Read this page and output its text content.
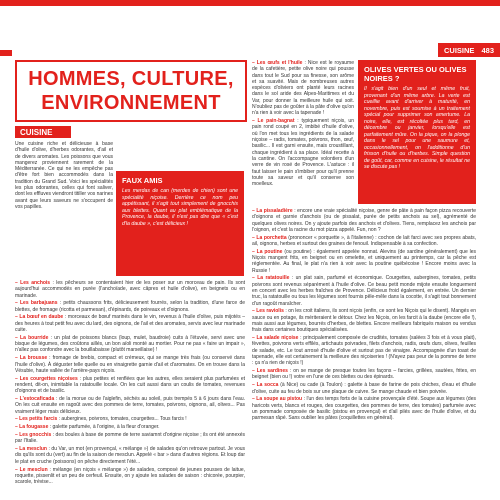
CUISINE 483
HOMMES, CULTURE,
ENVIRONNEMENT
CUISINE

Une cuisine riche et délicieuse à base d'huile d'olive, d'herbes odorantes, d'ail et de divers aromates. Les poissons que vous mangerez proviennent rarement de la Méditerranée. Ce qui ne les empêche pas d'être fort bien accommodés dans la tradition du Grand Sud. Voici les spécialités les plus odorantes, celles qui font saliver, dont les effluves viendront titiller vos narines avant que leurs saveurs ne s'occupent de vos papilles.

FAUX AMIS
Les merdas de can (merdes de chien) sont une spécialité niçoise. Derrière ce nom peu appétissant, il s'agit tout simplement de gnocchis aux blettes. Quant au plat emblématique de la Provence, la daube, il n'est pas dire que « c'est d'la daube », c'est délicieux !

– Les anchois : les pêcheurs se contentaient hier de les poser sur un morceau de pain. Ils sont aujourd'hui accommodés en purée (l'anchoïade, avec câpres et huile d'olive), en beignets ou en marinade.

– Les barbajuans : petits chaussons frits, délicieusement fourrés, selon la tradition, d'une farce de blettes, de fromage (ricotta et parmesan), d'épinards, de poireaux et d'oignons.

– La bœuf en daube : morceaux de bœuf marinés dans le vin, revenus à l'huile d'olive, puis mijotés – des heures à tout petit feu avec du lard, des oignons, de l'ail et des aromates, servis avec leur marinade cuite.

– La bourride : un plat de poissons blancs (loup, mulet, baudroie) cuits à l'étuvée, servi avec une bisque de légumes, des croûtons aillés, un bon aïoli monté au mortier. Pour ne pas « faire un impair », n'allez pas confondre avec la bouillabaisse (plutôt marseillaise) !

– La brousse : fromage de brebis, compact et crémeux, qui se mange très frais (ou conservé dans l'huile d'olive). À déguster telle quelle ou en vinaigrette garnie d'ail et d'aromates. On en trouve dans la Vésubie, haute vallée de l'arrière-pays niçois.

– Les courgettes niçoises : plus petites et renflées que les autres, elles seraient plus parfumées et rendent, dit-on, inimitable la ratatouille locale. On les cuit aussi dans un coulis de tomates, revenues d'oignons et de basilic.

– L'estocaficada : de la morue ou de l'aiglefin, séchés au soleil, puis trempés 5 à 6 jours dans l'eau. On les cuit ensuite en ragoût avec des pommes de terre, tomates, poivrons, oignons, ail, olives... Pas vraiment léger mais délicieux.

– Les petits farcis : aubergines, poivrons, tomates, courgettes... Tous farcis !

– La fougasse : galette parfumée, à l'origine, à la fleur d'oranger.

– Les gnocchis : des boules à base de pomme de terre saviamnt d'origine niçoise ; ils ont été annexés par l'Italie.

– La mesclun : du Var, un mot (en provençal, « mélange ») de salades qu'on retrouve partout. Je vous dis qu'ils sont du (vert) au fin de la saison de mesclun. Appelé « bar » dans d'autres régions. Et loup dar le plat en cruche (poissons) on pêche directement l'été...

– Le mesclun : mélange (en niçois « mélange ») de salades, composé de jeunes pousses de laitue, roquette, pissenlit et un peu de cerfeuil. Ensuite, on y ajoute les salades de saison : chicorée, pourpier, scarole, trévise...

– Les œufs et l'huile : Nice est le royaume de la cafetière, petite olive noire qui pousse dans tout le Sud pour sa finesse, son arôme et sa suavité. Mais de nombreuses autres espèces d'oliviers ont planté leurs racines dans le sol aride des Alpes-Maritimes et du Var, pour donner la meilleure huile qui soit. N'oubliez pas de goûter à la pâte d'olive qu'on n'a rien à voir avec la tapenade !

– Le pain-bagnat : typiquement niçois, un pain rond coupé en 2, imbibé d'huile d'olive, où l'on met tous les ingrédients de la salade niçoise – radis, tomates, poivrons, thon, œuf, basilic... Il est garni ensuite, mais croustillant, chaque ingrédient à sa place. Idéal recette à la cantine. On l'accompagne volontiers d'un verre de vin rosé de Provence. L'astuce : il faut laisser le pain s'imbiber pour qu'il prenne toute sa saveur et qu'il conserve son moelleux.

OLIVES VERTES OU OLIVES NOIRES ?
Il s'agit bien d'un seul et même fruit, provenant d'un même arbre. La verte est cueillie avant d'arriver à maturité, en novembre, puis est soumise à un traitement spécial pour supprimer son amertume. La noire, elle, est récoltée plus tard, en décembre ou janvier, lorsqu'elle est parfaitement mûre. On la pique, on la plonge dans le sel pour une saumure et, occasionnellement, on l'additionne d'un frisson d'huile ou d'herbes. Simple question de goût, car, comme en cuisine, le résultat ne se discute pas !

– La pissaladière : encore une vraie spécialité niçoise, genre de pâte à pain façon pizza recouverte d'oignons et garnie d'anchois (ou de pissalat, purée de petits anchois au sel), agrémenté de quelques olives noires. On y ajoute parfois des anchois et d'olives. Tiens, remplacez les anchois par l'oignon, et c'est la racine du mot pizza appelé. Fun, non ?

– La porchetta (prononcer « porquette », à l'italienne) : cochon de lait farci avec ses propres abats, ail, oignons, herbes et surtout des graines de fenouil. Indispensable à sa confection.

– La poutine (ou poutine) : également appelée nonnat. Alevins (de sardine généralement) que les Niçois mangent frits, en beignet ou en omelette, et uniquement au printemps, car la pêche est réglementée. Au final, le plat n'a rien à voir avec la poutine québécoise ! Encore moins avec la Russie !

– La ratatouille : un plat sain, parfumé et économique. Courgettes, aubergines, tomates, petits poivrons sont revenus séparément à l'huile d'olive. Ce beau petit monde mijote ensuite longuement en concert avec les herbes fraîches de Provence. Délicieux froid également, en entrée. Un dernier truc, la ratatouille ou tous les légumes sont fournis pêle-mêle dans la cocotte, il s'agit tout bonnement d'un ragoût maraîcher.

– Les raviolis : on les croit italiens, ils sont niçois (enfin, ce sont les Niçois qui le disent). Mangés en sauce ou en potage, ils mériteraient le détour. Chez les Niçois, on les farcit à la daube (encore elle !), mais aussi aux légumes, bourrés d'herbes, de blettes. Encore meilleurs fabriqués maison ou vendus frais dans certaines boutiques spécialisées.

– La salade niçoise : principalement composée de crudités, tomates (salées 3 fois et à vous plait), fèvettes, poivrons verts effilés, artichauts poivrades, filets d'anchois, radis, œufs durs, olives, feuilles de salade, etc. Le tout arrosé d'huile d'olive et surtout pas de vinaigre. Accompagnée d'un toast de tapenade, elle est certainement la meilleure des niçoiseries ! (N'ayez pas peur de la pomme de terre : ça n'a rien de niçois !)

– Les sardines : on se mange de presque toutes les façons – farcies, grillées, sautées, frites, en beignet (bien ou !) votre en l'une de ces blettes ou des épinards.

– La socca (à Nice) ou cade (à Toulon) : galette à base de farine de pois chiches, d'eau et d'huile d'olive, cuite au feu de bois sur une plaque de cuivre. Se mange chaude et bien poivrée.

– La soupe au pistou : l'un des temps forts de la cuisine provençale d'été. Soupe aux légumes (des haricots verts, blancs et rouges, des courgettes, des pommes de terre, des tomates) parfumée avec un pommade composée de basilic (pistou en provençal) et d'ail pilés avec de l'huile d'olive, et du parmesan râpé. Sans oublier les pâtes (coquillettes en général).
